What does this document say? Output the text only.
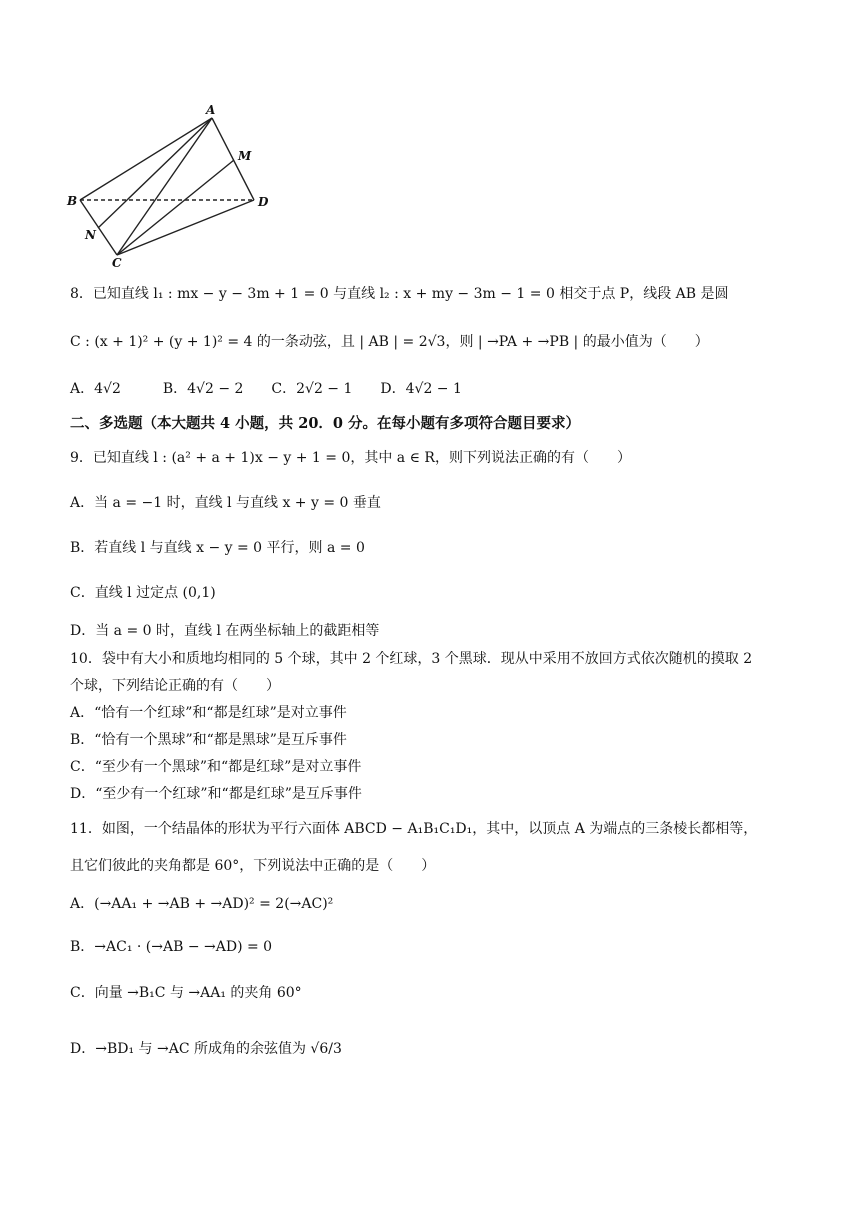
A
M
B	D
N
C
8．已知直线 l₁ : mx − y − 3m + 1 = 0 与直线 l₂ : x + my − 3m − 1 = 0 相交于点 P，线段 AB 是圆
C : (x + 1)² + (y + 1)² = 4 的一条动弦，且 | AB | = 2√3，则 | →PA + →PB | 的最小值为（　　）
A．4√2　　　B．4√2 − 2　　C．2√2 − 1　　D．4√2 − 1
二、多选题（本大题共 4 小题，共 20．0 分。在每小题有多项符合题目要求）
9．已知直线 l : (a² + a + 1)x − y + 1 = 0，其中 a ∈ R，则下列说法正确的有（　　）
A．当 a = −1 时，直线 l 与直线 x + y = 0 垂直
B．若直线 l 与直线 x − y = 0 平行，则 a = 0
C．直线 l 过定点 (0,1)
D．当 a = 0 时，直线 l 在两坐标轴上的截距相等
10．袋中有大小和质地均相同的 5 个球，其中 2 个红球，3 个黑球．现从中采用不放回方式依次随机的摸取 2
个球，下列结论正确的有（　　）
A．“恰有一个红球”和“都是红球”是对立事件
B．“恰有一个黑球”和“都是黑球”是互斥事件
C．“至少有一个黑球”和“都是红球”是对立事件
D．“至少有一个红球”和“都是红球”是互斥事件
11．如图，一个结晶体的形状为平行六面体 ABCD − A₁B₁C₁D₁，其中，以顶点 A 为端点的三条棱长都相等，
且它们彼此的夹角都是 60°，下列说法中正确的是（　　）
A．(→AA₁ + →AB + →AD)² = 2(→AC)²
B．→AC₁ · (→AB − →AD) = 0
C．向量 →B₁C 与 →AA₁ 的夹角 60°
D．→BD₁ 与 →AC 所成角的余弦值为 √6/3
